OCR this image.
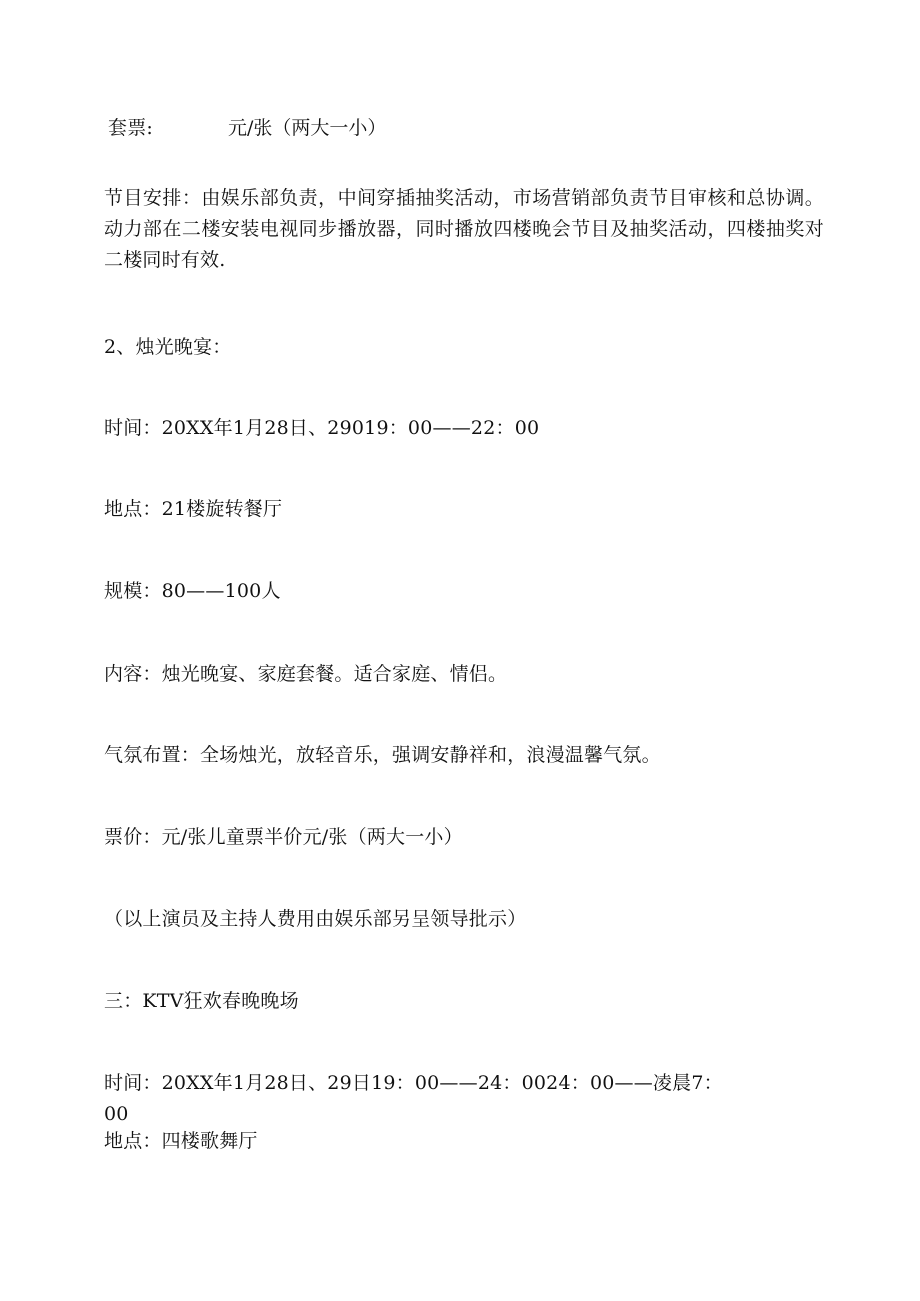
套票:	元/张（两大一小）
节目安排：由娱乐部负责，中间穿插抽奖活动，市场营销部负责节目审核和总协调。动力部在二楼安装电视同步播放器，同时播放四楼晚会节目及抽奖活动，四楼抽奖对二楼同时有效.
2、烛光晚宴：
时间：20XX年1月28日、29019：00——22：00
地点：21楼旋转餐厅
规模：80——100人
内容：烛光晚宴、家庭套餐。适合家庭、情侣。
气氛布置：全场烛光，放轻音乐，强调安静祥和，浪漫温馨气氛。
票价：元/张儿童票半价元/张（两大一小）
（以上演员及主持人费用由娱乐部另呈领导批示）
三：KTV狂欢春晚晚场
时间：20XX年1月28日、29日19：00——24：0024：00——凌晨7：
00
地点：四楼歌舞厅
